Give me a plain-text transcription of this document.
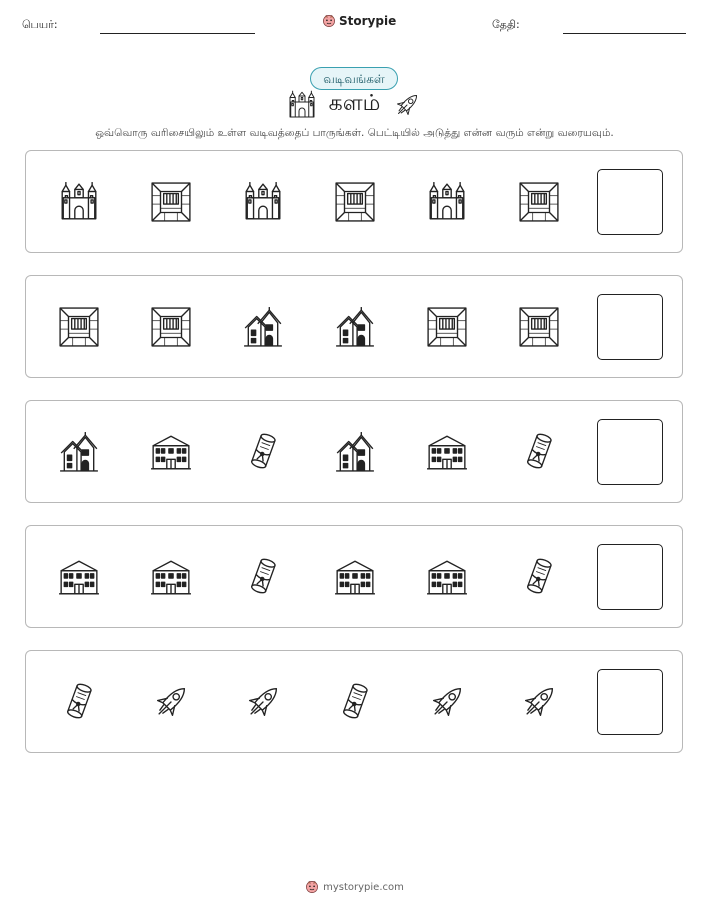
பெயர்:	Storypie	தேதி:
வடிவங்கள்
களம்
ஒவ்வொரு வரிசையிலும் உள்ள வடிவத்தைப் பாருங்கள். பெட்டியில் அடுத்து என்ன வரும் என்று வரையவும்.
mystorypie.com
